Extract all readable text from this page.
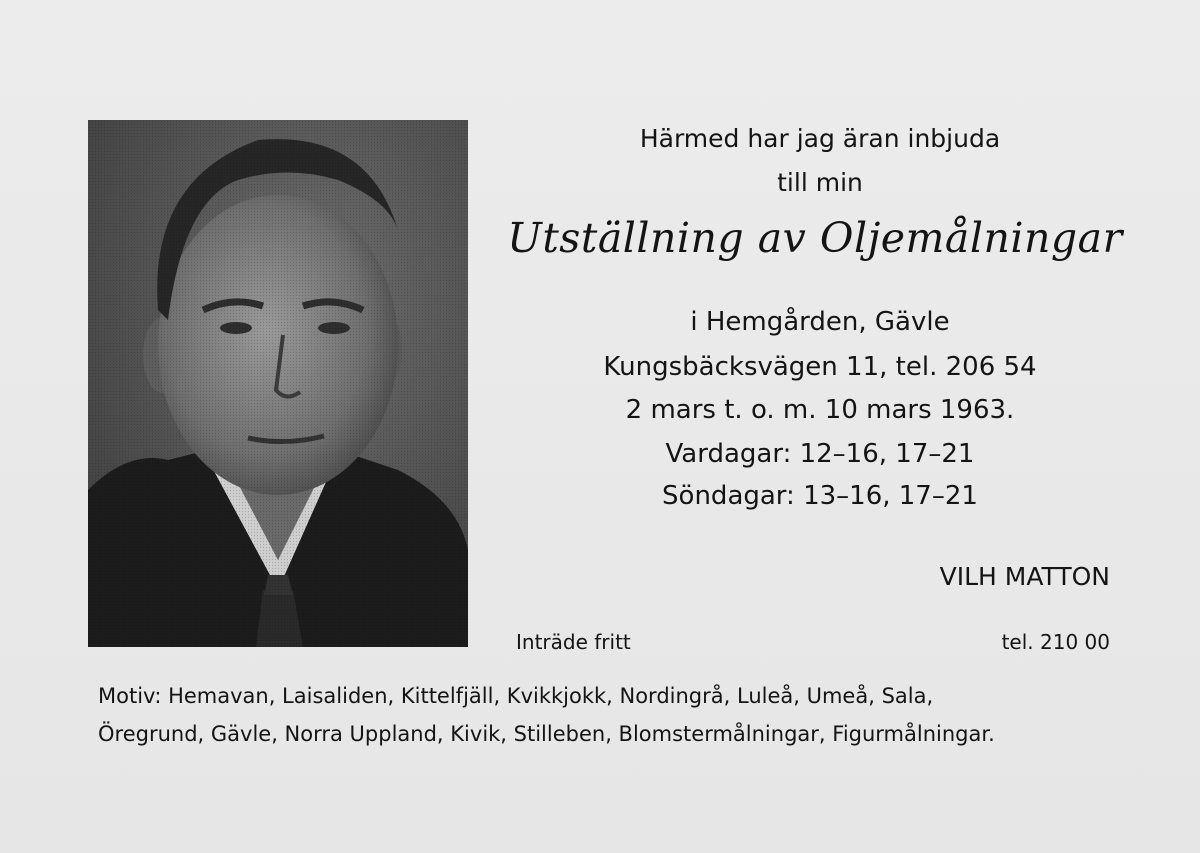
Härmed har jag äran inbjuda
till min
Utställning av Oljemålningar
i Hemgården, Gävle
Kungsbäcksvägen 11, tel. 206 54
2 mars t. o. m. 10 mars 1963.
Vardagar: 12–16, 17–21
Söndagar: 13–16, 17–21
VILH MATTON
Inträde fritt	tel. 210 00
Motiv: Hemavan, Laisaliden, Kittelfjäll, Kvikkjokk, Nordingrå, Luleå, Umeå, Sala,
Öregrund, Gävle, Norra Uppland, Kivik, Stilleben, Blomstermålningar, Figurmålningar.
